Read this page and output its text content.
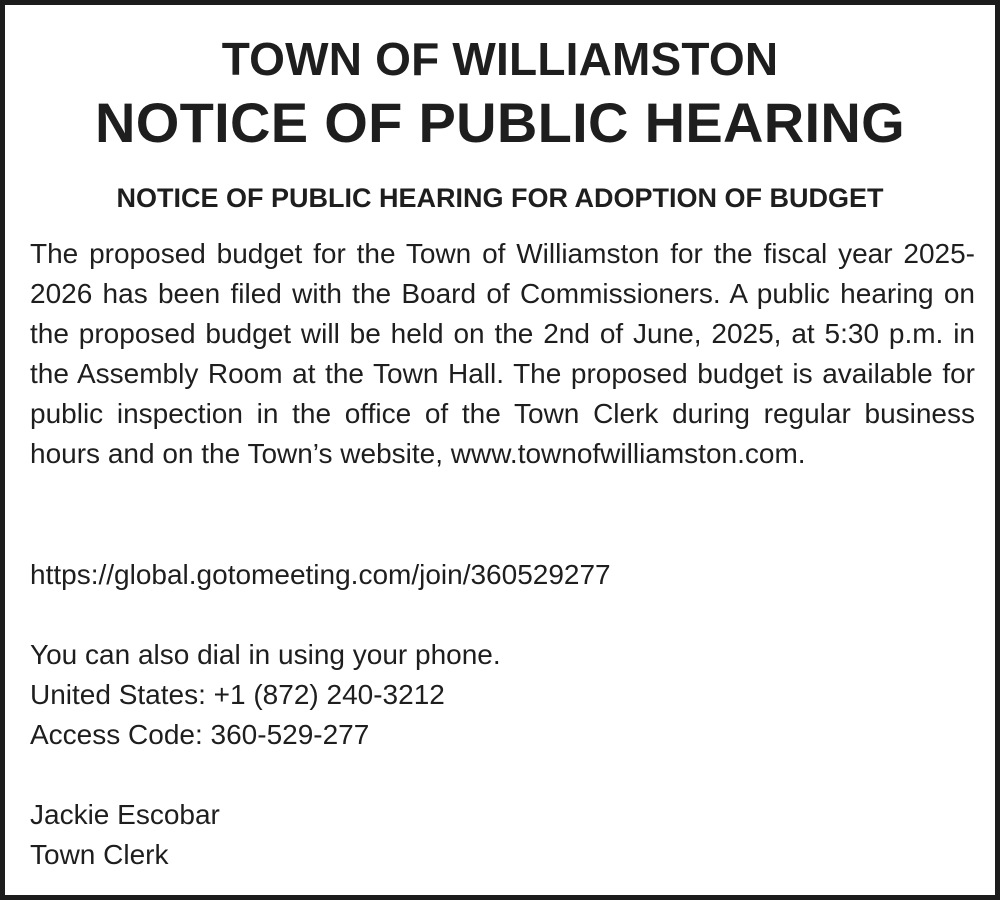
TOWN OF WILLIAMSTON
NOTICE OF PUBLIC HEARING
NOTICE OF PUBLIC HEARING FOR ADOPTION OF BUDGET
The proposed budget for the Town of Williamston for the fiscal year 2025-2026 has been filed with the Board of Commissioners. A public hearing on the proposed budget will be held on the 2nd of June, 2025, at 5:30 p.m. in the Assembly Room at the Town Hall. The proposed budget is available for public inspection in the office of the Town Clerk during regular business hours and on the Town’s website, www.townofwilliamston.com.
https://global.gotomeeting.com/join/360529277
You can also dial in using your phone.
United States: +1 (872) 240-3212
Access Code: 360-529-277
Jackie Escobar
Town Clerk
